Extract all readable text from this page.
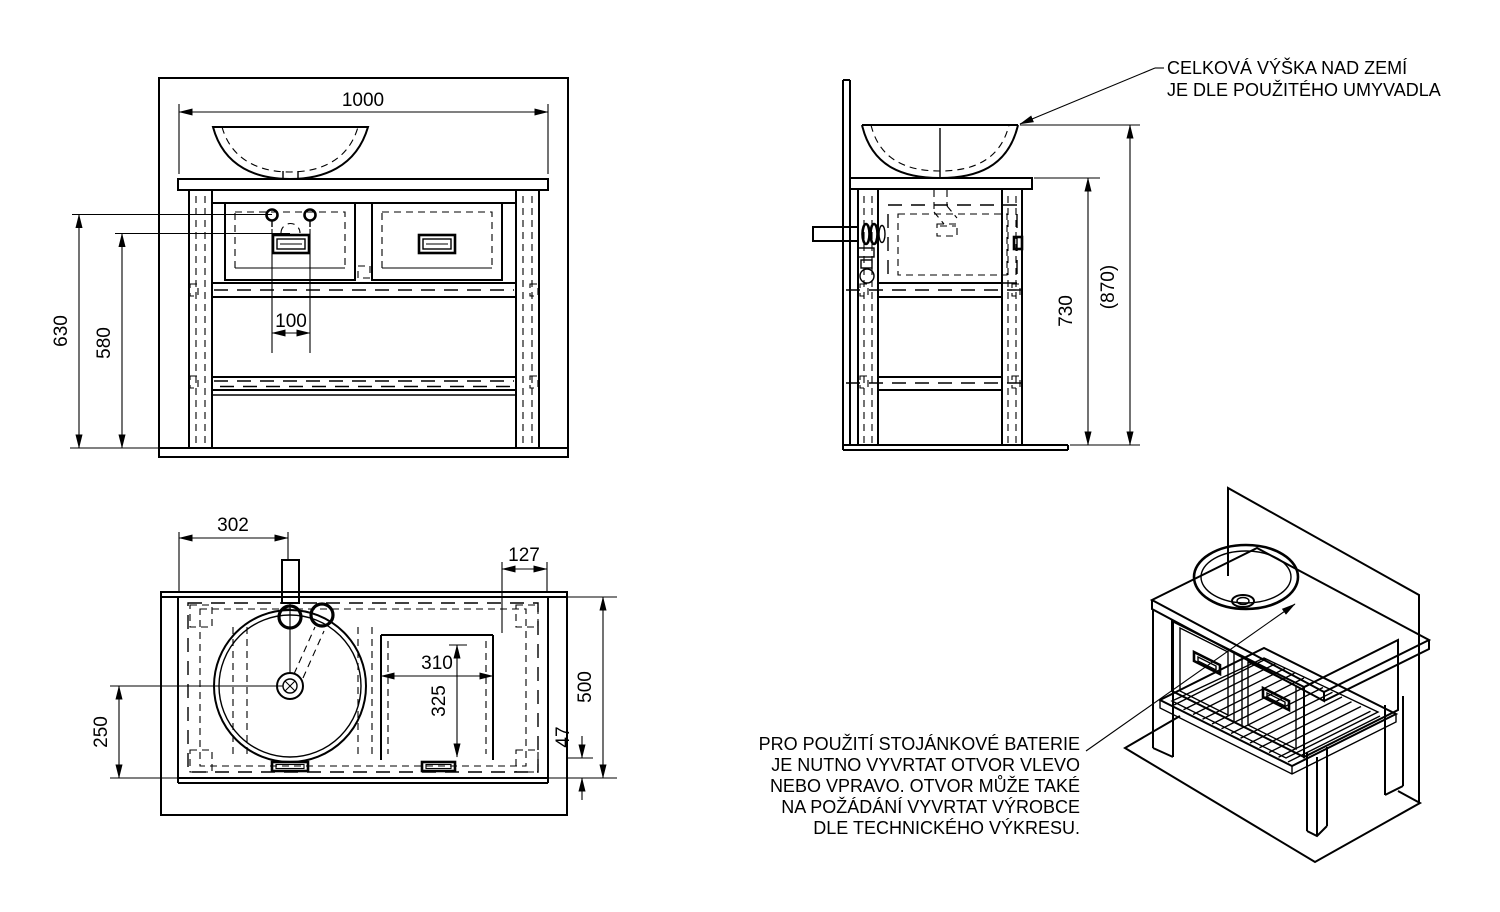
1000
630 580
100	730
(870)
302
127
310
325
250
500
47
CELKOVÁ VÝŠKA NAD ZEMÍ
JE DLE POUŽITÉHO UMYVADLA
PRO POUŽITÍ STOJÁNKOVÉ BATERIE
JE NUTNO VYVRTAT OTVOR VLEVO
NEBO VPRAVO. OTVOR MŮŽE TAKÉ
NA POŽÁDÁNÍ VYVRTAT VÝROBCE
DLE TECHNICKÉHO VÝKRESU.
